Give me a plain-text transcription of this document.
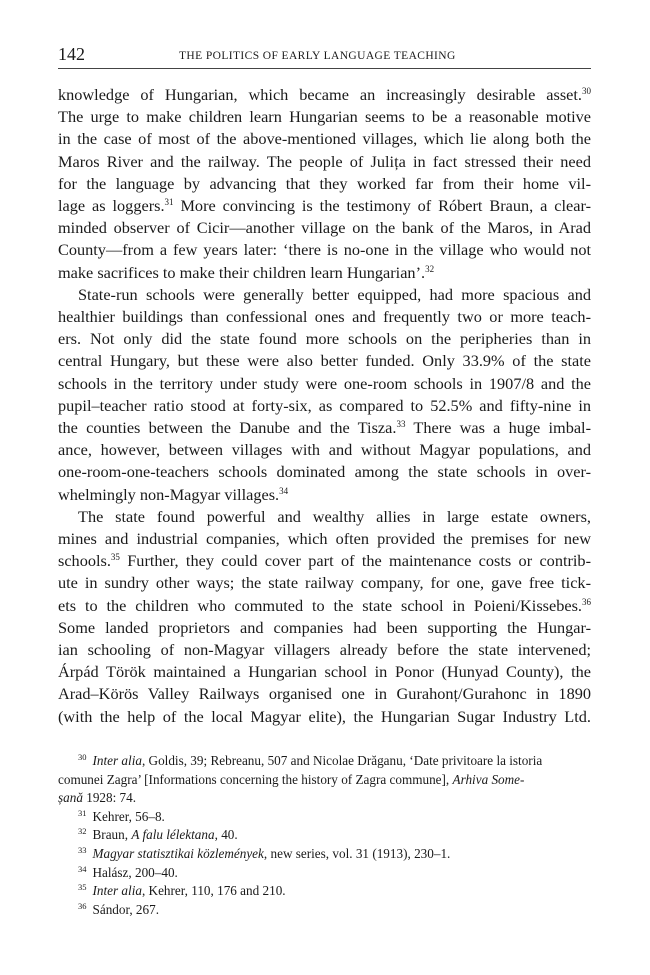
142	THE POLITICS OF EARLY LANGUAGE TEACHING
knowledge of Hungarian, which became an increasingly desirable asset.$^{30}$
The urge to make children learn Hungarian seems to be a reasonable motive
in the case of most of the above-mentioned villages, which lie along both the
Maros River and the railway. The people of Julița in fact stressed their need
for the language by advancing that they worked far from their home vil-
lage as loggers.$^{31}$ More convincing is the testimony of Róbert Braun, a clear-
minded observer of Cicir—another village on the bank of the Maros, in Arad
County—from a few years later: ‘there is no-one in the village who would not
make sacrifices to make their children learn Hungarian’.$^{32}$
State-run schools were generally better equipped, had more spacious and
healthier buildings than confessional ones and frequently two or more teach-
ers. Not only did the state found more schools on the peripheries than in
central Hungary, but these were also better funded. Only 33.9% of the state
schools in the territory under study were one-room schools in 1907/8 and the
pupil–teacher ratio stood at forty-six, as compared to 52.5% and fifty-nine in
the counties between the Danube and the Tisza.$^{33}$ There was a huge imbal-
ance, however, between villages with and without Magyar populations, and
one-room-one-teachers schools dominated among the state schools in over-
whelmingly non-Magyar villages.$^{34}$
The state found powerful and wealthy allies in large estate owners,
mines and industrial companies, which often provided the premises for new
schools.$^{35}$ Further, they could cover part of the maintenance costs or contrib-
ute in sundry other ways; the state railway company, for one, gave free tick-
ets to the children who commuted to the state school in Poieni/Kissebes.$^{36}$
Some landed proprietors and companies had been supporting the Hungar-
ian schooling of non-Magyar villagers already before the state intervened;
Árpád Török maintained a Hungarian school in Ponor (Hunyad County), the
Arad–Körös Valley Railways organised one in Gurahonț/Gurahonc in 1890
(with the help of the local Magyar elite), the Hungarian Sugar Industry Ltd.
$^{30}$ Inter alia, Goldis, 39; Rebreanu, 507 and Nicolae Drăganu, ‘Date privitoare la istoria
comunei Zagra’ [Informations concerning the history of Zagra commune], Arhiva Some-
șană 1928: 74.
$^{31}$ Kehrer, 56–8.
$^{32}$ Braun, A falu lélektana, 40.
$^{33}$ Magyar statisztikai közlemények, new series, vol. 31 (1913), 230–1.
$^{34}$ Halász, 200–40.
$^{35}$ Inter alia, Kehrer, 110, 176 and 210.
$^{36}$ Sándor, 267.
